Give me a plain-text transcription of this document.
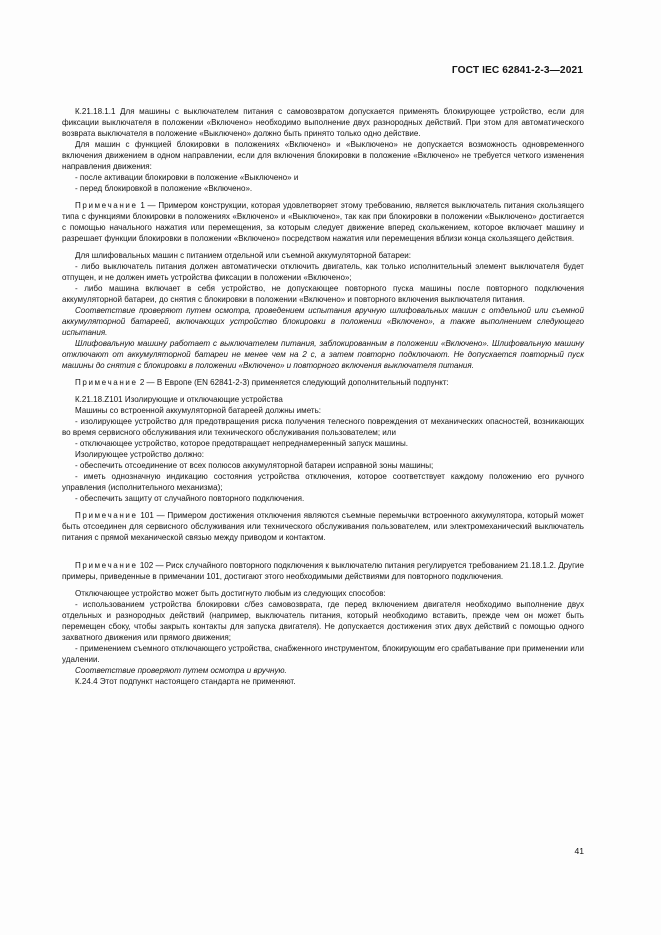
ГОСТ IEC 62841-2-3—2021

К.21.18.1.1 Для машины с выключателем питания с самовозвратом допускается применять блокирующее устройство, если для фиксации выключателя в положении «Включено» необходимо выполнение двух разнородных действий. При этом для автоматического возврата выключателя в положение «Выключено» должно быть принято только одно действие.

Для машин с функцией блокировки в положениях «Включено» и «Выключено» не допускается возможность одновременного включения движением в одном направлении, если для включения блокировки в положение «Включено» не требуется четкого изменения направления движения:

- после активации блокировки в положение «Выключено» и

- перед блокировкой в положение «Включено».

Примечание 1 — Примером конструкции, которая удовлетворяет этому требованию, является выключатель питания скользящего типа с функциями блокировки в положениях «Включено» и «Выключено», так как при блокировки в положении «Выключено» достигается с помощью начального нажатия или перемещения, за которым следует движение вперед скольжением, которое включает машину и разрешает функции блокировки в положении «Включено» посредством нажатия или перемещения вблизи конца скользящего действия.

Для шлифовальных машин с питанием отдельной или съемной аккумуляторной батареи:

- либо выключатель питания должен автоматически отключить двигатель, как только исполнительный элемент выключателя будет отпущен, и не должен иметь устройства фиксации в положении «Включено»;

- либо машина включает в себя устройство, не допускающее повторного пуска машины после повторного подключения аккумуляторной батареи, до снятия с блокировки в положении «Включено» и повторного включения выключателя питания.

Соответствие проверяют путем осмотра, проведением испытания вручную шлифовальных машин с отдельной или съемной аккумуляторной батареей, включающих устройство блокировки в положении «Включено», а также выполнением следующего испытания.

Шлифовальную машину работает с выключателем питания, заблокированным в положении «Включено». Шлифовальную машину отключают от аккумуляторной батареи не менее чем на 2 с, а затем повторно подключают. Не допускается повторный пуск машины до снятия с блокировки в положении «Включено» и повторного включения выключателя питания.

Примечание 2 — В Европе (EN 62841-2-3) применяется следующий дополнительный подпункт:

К.21.18.Z101 Изолирующие и отключающие устройства

Машины со встроенной аккумуляторной батареей должны иметь:

- изолирующее устройство для предотвращения риска получения телесного повреждения от механических опасностей, возникающих во время сервисного обслуживания или технического обслуживания пользователем; или

- отключающее устройство, которое предотвращает непреднамеренный запуск машины.

Изолирующее устройство должно:

- обеспечить отсоединение от всех полюсов аккумуляторной батареи исправной зоны машины;

- иметь однозначную индикацию состояния устройства отключения, которое соответствует каждому положению его ручного управления (исполнительного механизма);

- обеспечить защиту от случайного повторного подключения.

Примечание 101 — Примером достижения отключения являются съемные перемычки встроенного аккумулятора, который может быть отсоединен для сервисного обслуживания или технического обслуживания пользователем, или электромеханический выключатель питания с прямой механической связью между приводом и контактом.

Примечание 102 — Риск случайного повторного подключения к выключателю питания регулируется требованием 21.18.1.2. Другие примеры, приведенные в примечании 101, достигают этого необходимыми действиями для повторного подключения.

Отключающее устройство может быть достигнуто любым из следующих способов:

- использованием устройства блокировки с/без самовозврата, где перед включением двигателя необходимо выполнение двух отдельных и разнородных действий (например, выключатель питания, который необходимо вставить, прежде чем он может быть перемещен сбоку, чтобы закрыть контакты для запуска двигателя). Не допускается достижения этих двух действий с помощью одного захватного движения или прямого движения;

- применением съемного отключающего устройства, снабженного инструментом, блокирующим его срабатывание при применении или удалении.

Соответствие проверяют путем осмотра и вручную.

К.24.4 Этот подпункт настоящего стандарта не применяют.

41
